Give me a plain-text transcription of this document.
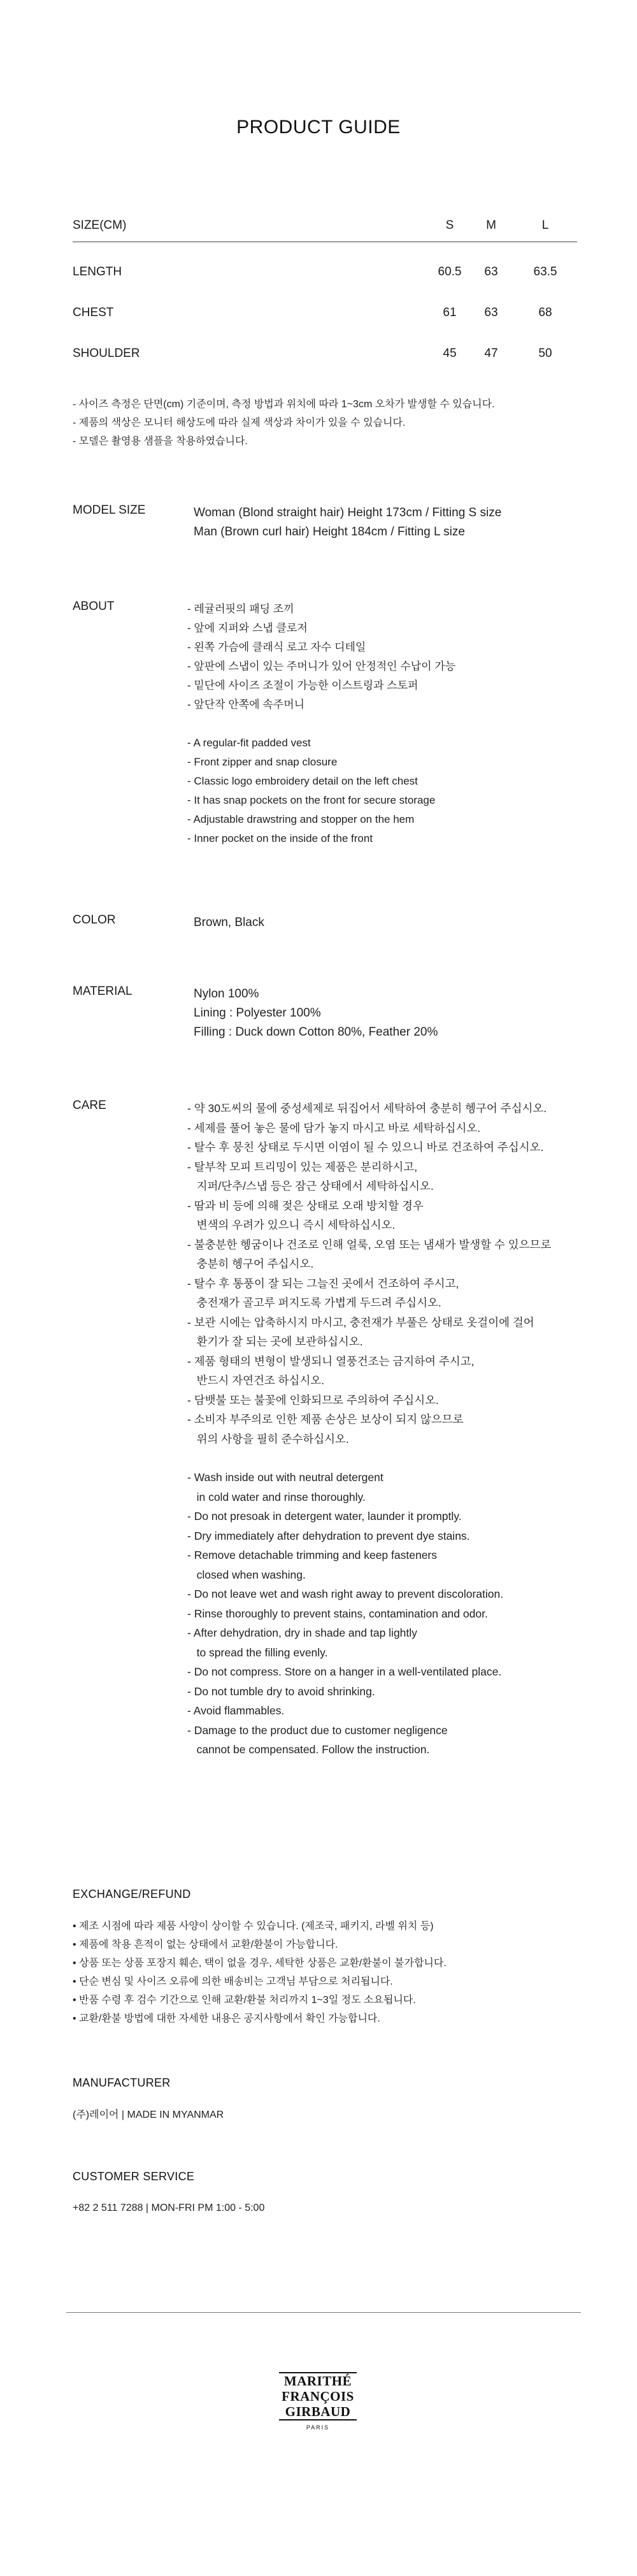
PRODUCT GUIDE
SIZE(CM)	S	M	L
LENGTH	60.5	63	63.5
CHEST	61	63	68
SHOULDER	45	47	50
- 사이즈 측정은 단면(cm) 기준이며, 측정 방법과 위치에 따라 1~3cm 오차가 발생할 수 있습니다.
- 제품의 색상은 모니터 해상도에 따라 실제 색상과 차이가 있을 수 있습니다.
- 모델은 촬영용 샘플을 착용하였습니다.
MODEL SIZE	Woman (Blond straight hair) Height 173cm / Fitting S size
Man (Brown curl hair) Height 184cm / Fitting L size
ABOUT	- 레귤러핏의 패딩 조끼
- 앞에 지퍼와 스냅 클로저
- 왼쪽 가슴에 클래식 로고 자수 디테일
- 앞판에 스냅이 있는 주머니가 있어 안정적인 수납이 가능
- 밑단에 사이즈 조절이 가능한 이스트링과 스토퍼
- 앞단작 안쪽에 속주머니
- A regular-fit padded vest
- Front zipper and snap closure
- Classic logo embroidery detail on the left chest
- It has snap pockets on the front for secure storage
- Adjustable drawstring and stopper on the hem
- Inner pocket on the inside of the front
COLOR	Brown, Black
MATERIAL	Nylon 100%
Lining : Polyester 100%
Filling : Duck down Cotton 80%, Feather 20%
CARE	- 약 30도씨의 물에 중성세제로 뒤집어서 세탁하여 충분히 헹구어 주십시오.
- 세제를 풀어 놓은 물에 담가 놓지 마시고 바로 세탁하십시오.
- 탈수 후 뭉친 상태로 두시면 이염이 될 수 있으니 바로 건조하여 주십시오.
- 탈부착 모피 트리밍이 있는 제품은 분리하시고,
지퍼/단추/스냅 등은 잠근 상태에서 세탁하십시오.
- 땀과 비 등에 의해 젖은 상태로 오래 방치할 경우
변색의 우려가 있으니 즉시 세탁하십시오.
- 불충분한 헹굼이나 건조로 인해 얼룩, 오염 또는 냄새가 발생할 수 있으므로
충분히 헹구어 주십시오.
- 탈수 후 통풍이 잘 되는 그늘진 곳에서 건조하여 주시고,
충전재가 골고루 퍼지도록 가볍게 두드려 주십시오.
- 보관 시에는 압축하시지 마시고, 충전재가 부풀은 상태로 옷걸이에 걸어
환기가 잘 되는 곳에 보관하십시오.
- 제품 형태의 변형이 발생되니 열풍건조는 금지하여 주시고,
반드시 자연건조 하십시오.
- 담뱃불 또는 불꽃에 인화되므로 주의하여 주십시오.
- 소비자 부주의로 인한 제품 손상은 보상이 되지 않으므로
위의 사항을 필히 준수하십시오.
- Wash inside out with neutral detergent
in cold water and rinse thoroughly.
- Do not presoak in detergent water, launder it promptly.
- Dry immediately after dehydration to prevent dye stains.
- Remove detachable trimming and keep fasteners
closed when washing.
- Do not leave wet and wash right away to prevent discoloration.
- Rinse thoroughly to prevent stains, contamination and odor.
- After dehydration, dry in shade and tap lightly
to spread the filling evenly.
- Do not compress. Store on a hanger in a well-ventilated place.
- Do not tumble dry to avoid shrinking.
- Avoid flammables.
- Damage to the product due to customer negligence
cannot be compensated. Follow the instruction.
EXCHANGE/REFUND
• 제조 시점에 따라 제품 사양이 상이할 수 있습니다. (제조국, 패키지, 라벨 위치 등)
• 제품에 착용 흔적이 없는 상태에서 교환/환불이 가능합니다.
• 상품 또는 상품 포장지 훼손, 택이 없을 경우, 세탁한 상품은 교환/환불이 불가합니다.
• 단순 변심 및 사이즈 오류에 의한 배송비는 고객님 부담으로 처리됩니다.
• 반품 수령 후 검수 기간으로 인해 교환/환불 처리까지 1~3일 정도 소요됩니다.
• 교환/환불 방법에 대한 자세한 내용은 공지사항에서 확인 가능합니다.
MANUFACTURER
(주)레이어 | MADE IN MYANMAR
CUSTOMER SERVICE
+82 2 511 7288 | MON-FRI PM 1:00 - 5:00
MARITHÉ
FRANÇOIS
GIRBAUD
PARIS
